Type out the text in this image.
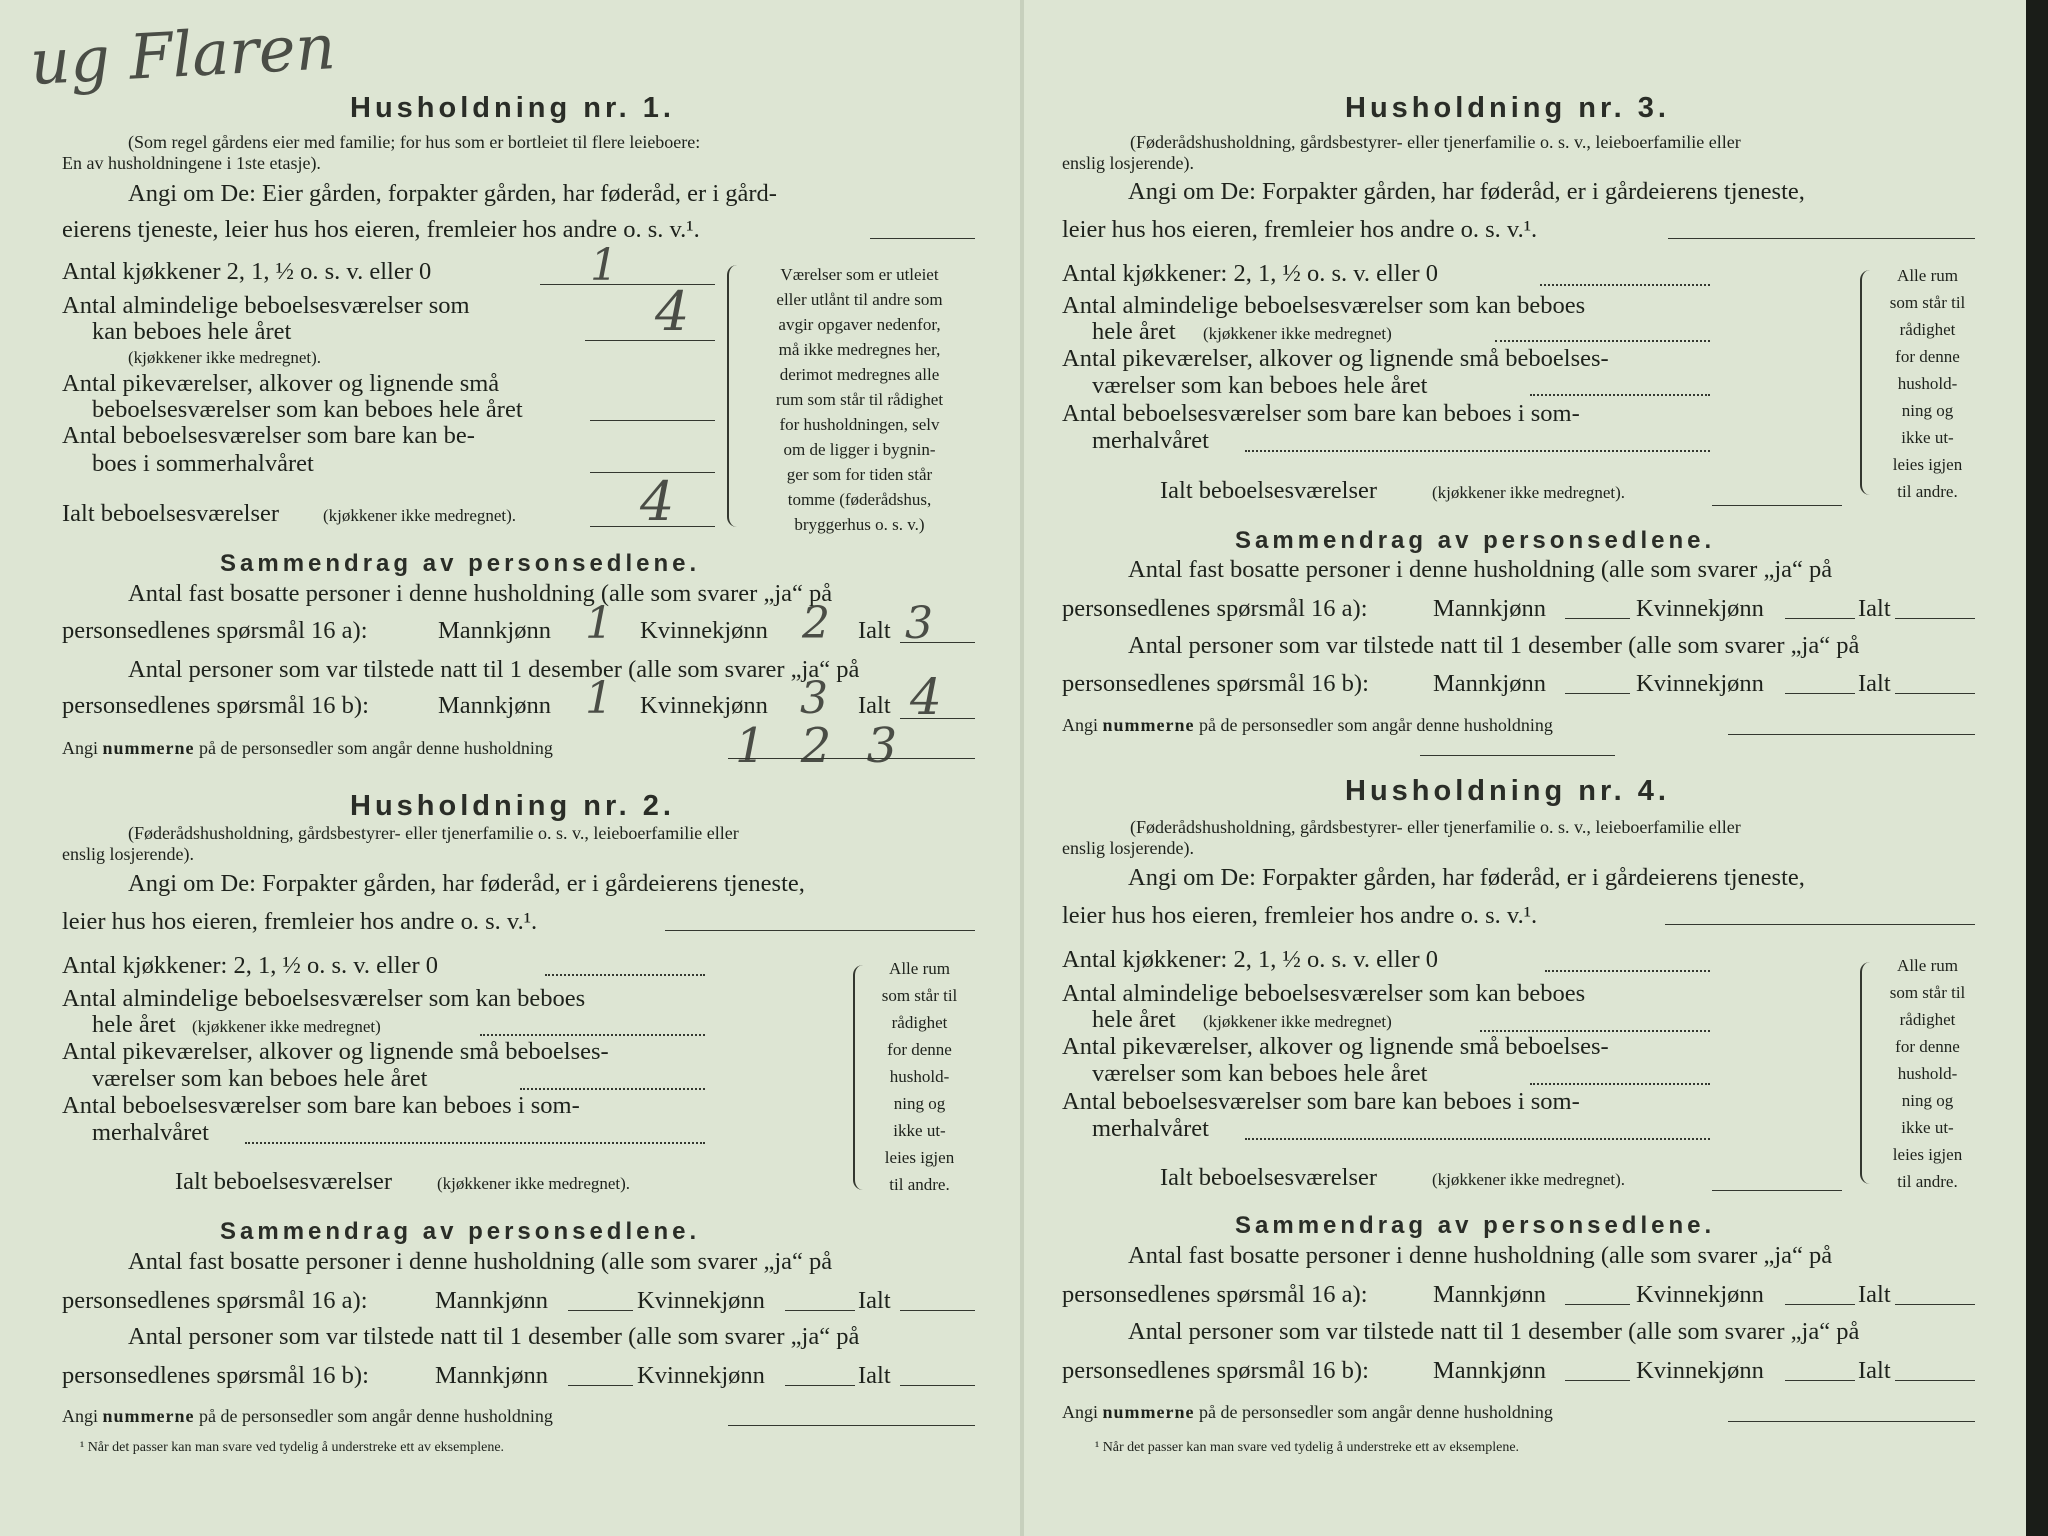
ug Flaren
Husholdning nr. 1.
(Som regel gårdens eier med familie; for hus som er bortleiet til flere leieboere:
En av husholdningene i 1ste etasje).
Angi om De: Eier gården, forpakter gården, har føderåd, er i gård-
eierens tjeneste, leier hus hos eieren, fremleier hos andre o. s. v.¹.
Antal kjøkkener 2, 1, ½ o. s. v. eller 0	1
Antal almindelige beboelsesværelser som
kan beboes hele året
(kjøkkener ikke medregnet).
4
Antal pikeværelser, alkover og lignende små
beboelsesværelser som kan beboes hele året
Antal beboelsesværelser som bare kan be-
boes i sommerhalvåret
Ialt beboelsesværelser	(kjøkkener ikke medregnet). 4
Værelser som er utleiet
eller utlånt til andre som
avgir opgaver nedenfor,
må ikke medregnes her,
derimot medregnes alle
rum som står til rådighet
for husholdningen, selv
om de ligger i bygnin-
ger som for tiden står
tomme (føderådshus,
bryggerhus o. s. v.)
Sammendrag av personsedlene.
Antal fast bosatte personer i denne husholdning (alle som svarer „ja“ på
personsedlenes spørsmål 16 a):	Mannkjønn 1 Kvinnekjønn 2 Ialt 3
Antal personer som var tilstede natt til 1 desember (alle som svarer „ja“ på
personsedlenes spørsmål 16 b):	Mannkjønn 1 Kvinnekjønn 3 Ialt 4
Angi nummerne på de personsedler som angår denne husholdning	1 2 3
Husholdning nr. 2.
(Føderådshusholdning, gårdsbestyrer- eller tjenerfamilie o. s. v., leieboerfamilie eller
enslig losjerende).
Angi om De: Forpakter gården, har føderåd, er i gårdeierens tjeneste,
leier hus hos eieren, fremleier hos andre o. s. v.¹.
Antal kjøkkener: 2, 1, ½ o. s. v. eller 0
Antal almindelige beboelsesværelser som kan beboes
hele året (kjøkkener ikke medregnet)
Antal pikeværelser, alkover og lignende små beboelses-
værelser som kan beboes hele året
Antal beboelsesværelser som bare kan beboes i som-
merhalvåret
Ialt beboelsesværelser	(kjøkkener ikke medregnet).
Alle rum
som står til
rådighet
for denne
hushold-
ning og
ikke ut-
leies igjen
til andre.
Sammendrag av personsedlene.
Antal fast bosatte personer i denne husholdning (alle som svarer „ja“ på
personsedlenes spørsmål 16 a):	Mannkjønn	Kvinnekjønn	Ialt
Antal personer som var tilstede natt til 1 desember (alle som svarer „ja“ på
personsedlenes spørsmål 16 b):	Mannkjønn	Kvinnekjønn	Ialt
Angi nummerne på de personsedler som angår denne husholdning
¹ Når det passer kan man svare ved tydelig å understreke ett av eksemplene.
Husholdning nr. 3.
(Føderådshusholdning, gårdsbestyrer- eller tjenerfamilie o. s. v., leieboerfamilie eller
enslig losjerende).
Angi om De: Forpakter gården, har føderåd, er i gårdeierens tjeneste,
leier hus hos eieren, fremleier hos andre o. s. v.¹.
Antal kjøkkener: 2, 1, ½ o. s. v. eller 0
Antal almindelige beboelsesværelser som kan beboes
hele året (kjøkkener ikke medregnet)
Antal pikeværelser, alkover og lignende små beboelses-
værelser som kan beboes hele året
Antal beboelsesværelser som bare kan beboes i som-
merhalvåret
Ialt beboelsesværelser	(kjøkkener ikke medregnet).
Alle rum
som står til
rådighet
for denne
hushold-
ning og
ikke ut-
leies igjen
til andre.
Sammendrag av personsedlene.
Antal fast bosatte personer i denne husholdning (alle som svarer „ja“ på
personsedlenes spørsmål 16 a):	Mannkjønn	Kvinnekjønn	Ialt
Antal personer som var tilstede natt til 1 desember (alle som svarer „ja“ på
personsedlenes spørsmål 16 b):	Mannkjønn	Kvinnekjønn	Ialt
Angi nummerne på de personsedler som angår denne husholdning
Husholdning nr. 4.
(Føderådshusholdning, gårdsbestyrer- eller tjenerfamilie o. s. v., leieboerfamilie eller
enslig losjerende).
Angi om De: Forpakter gården, har føderåd, er i gårdeierens tjeneste,
leier hus hos eieren, fremleier hos andre o. s. v.¹.
Antal kjøkkener: 2, 1, ½ o. s. v. eller 0
Antal almindelige beboelsesværelser som kan beboes
hele året (kjøkkener ikke medregnet)
Antal pikeværelser, alkover og lignende små beboelses-
værelser som kan beboes hele året
Antal beboelsesværelser som bare kan beboes i som-
merhalvåret
Ialt beboelsesværelser	(kjøkkener ikke medregnet).
Alle rum
som står til
rådighet
for denne
hushold-
ning og
ikke ut-
leies igjen
til andre.
Sammendrag av personsedlene.
Antal fast bosatte personer i denne husholdning (alle som svarer „ja“ på
personsedlenes spørsmål 16 a):	Mannkjønn	Kvinnekjønn	Ialt
Antal personer som var tilstede natt til 1 desember (alle som svarer „ja“ på
personsedlenes spørsmål 16 b):	Mannkjønn	Kvinnekjønn	Ialt
Angi nummerne på de personsedler som angår denne husholdning
¹ Når det passer kan man svare ved tydelig å understreke ett av eksemplene.
